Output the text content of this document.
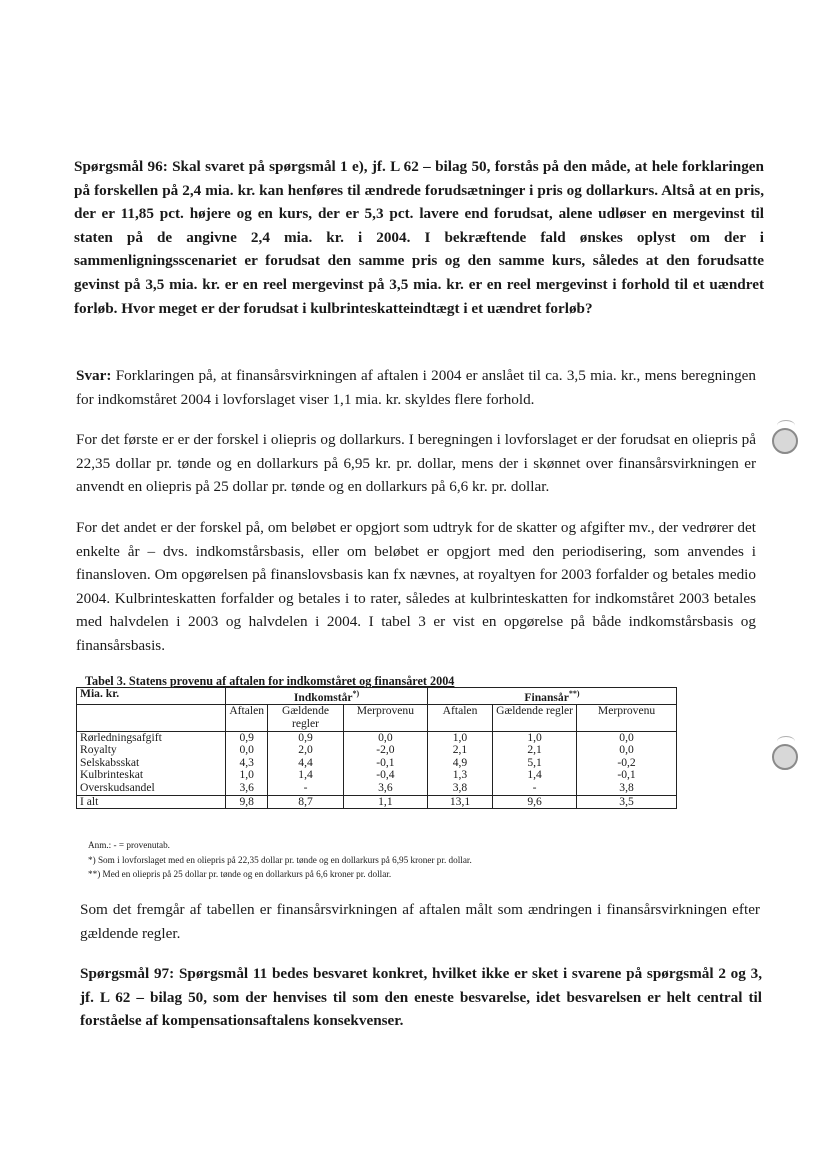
Spørgsmål 96: Skal svaret på spørgsmål 1 e), jf. L 62 – bilag 50, forstås på den måde, at hele forklaringen på forskellen på 2,4 mia. kr. kan henføres til ændrede forudsætninger i pris og dollarkurs. Altså at en pris, der er 11,85 pct. højere og en kurs, der er 5,3 pct. lavere end forudsat, alene udløser en mergevinst til staten på de angivne 2,4 mia. kr. i 2004. I bekræftende fald ønskes oplyst om der i sammenligningsscenariet er forudsat den samme pris og den samme kurs, således at den forudsatte gevinst på 3,5 mia. kr. er en reel mergevinst på 3,5 mia. kr. er en reel mergevinst i forhold til et uændret forløb. Hvor meget er der forudsat i kulbrinteskatteindtægt i et uændret forløb?
Svar: Forklaringen på, at finansårsvirkningen af aftalen i 2004 er anslået til ca. 3,5 mia. kr., mens beregningen for indkomståret 2004 i lovforslaget viser 1,1 mia. kr. skyldes flere forhold.
For det første er er der forskel i oliepris og dollarkurs. I beregningen i lovforslaget er der forudsat en oliepris på 22,35 dollar pr. tønde og en dollarkurs på 6,95 kr. pr. dollar, mens der i skønnet over finansårsvirkningen er anvendt en oliepris på 25 dollar pr. tønde og en dollarkurs på 6,6 kr. pr. dollar.
For det andet er der forskel på, om beløbet er opgjort som udtryk for de skatter og afgifter mv., der vedrører det enkelte år – dvs. indkomstårsbasis, eller om beløbet er opgjort med den periodisering, som anvendes i finansloven. Om opgørelsen på finanslovsbasis kan fx nævnes, at royaltyen for 2003 forfalder og betales medio 2004. Kulbrinteskatten forfalder og betales i to rater, således at kulbrinteskatten for indkomståret 2003 betales med halvdelen i 2003 og halvdelen i 2004. I tabel 3 er vist en opgørelse på både indkomstårsbasis og finansårsbasis.
Tabel 3. Statens provenu af aftalen for indkomståret og finansåret 2004
Mia. kr.	Indkomstår*)			Finansår**)
	Aftalen	Gældende regler	Merprovenu	Aftalen	Gældende regler	Merprovenu
Rørledningsafgift	0,9	0,9	0,0	1,0	1,0	0,0
Royalty	0,0	2,0	-2,0	2,1	2,1	0,0
Selskabsskat	4,3	4,4	-0,1	4,9	5,1	-0,2
Kulbrinteskat	1,0	1,4	-0,4	1,3	1,4	-0,1
Overskudsandel	3,6	-	3,6	3,8	-	3,8
I alt	9,8	8,7	1,1	13,1	9,6	3,5
Anm.: - = provenutab.
*) Som i lovforslaget med en oliepris på 22,35 dollar pr. tønde og en dollarkurs på 6,95 kroner pr. dollar.
**) Med en oliepris på 25 dollar pr. tønde og en dollarkurs på 6,6 kroner pr. dollar.
Som det fremgår af tabellen er finansårsvirkningen af aftalen målt som ændringen i finansårsvirkningen efter gældende regler.
Spørgsmål 97: Spørgsmål 11 bedes besvaret konkret, hvilket ikke er sket i svarene på spørgsmål 2 og 3, jf. L 62 – bilag 50, som der henvises til som den eneste besvarelse, idet besvarelsen er helt central til forståelse af kompensationsaftalens konsekvenser.
